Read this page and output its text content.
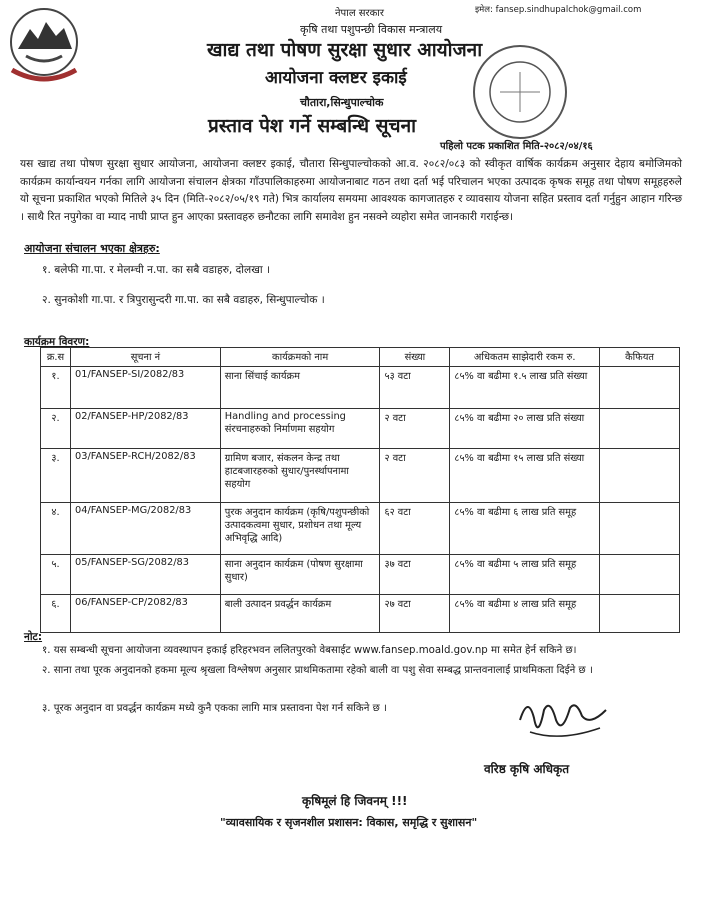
नेपाल सरकार	इमेल: fansep.sindhupalchok@gmail.com
कृषि तथा पशुपन्छी विकास मन्त्रालय
खाद्य तथा पोषण सुरक्षा सुधार आयोजना
आयोजना क्लष्टर इकाई
चौतारा,सिन्धुपाल्चोक
प्रस्ताव पेश गर्ने सम्बन्धि सूचना
पहिलो पटक प्रकाशित मिति-२०८२/०४/१६
यस खाद्य तथा पोषण सुरक्षा सुधार आयोजना, आयोजना क्लष्टर इकाई, चौतारा सिन्धुपाल्चोकको आ.व. २०८२/०८३ को स्वीकृत वार्षिक कार्यक्रम अनुसार देहाय बमोजिमको कार्यक्रम कार्यान्वयन गर्नका लागि आयोजना संचालन क्षेत्रका गाँउपालिकाहरुमा आयोजनाबाट गठन तथा दर्ता भई परिचालन भएका उत्पादक कृषक समूह तथा पोषण समूहहरुले यो सूचना प्रकाशित भएको मितिले ३५ दिन (मिति-२०८२/०५/१९ गते) भित्र कार्यालय समयमा आवश्यक कागजातहरु र व्यावसाय योजना सहित प्रस्ताव दर्ता गर्नुहुन आहान गरिन्छ । साथै रित नपुगेका वा म्याद नाघी प्राप्त हुन आएका प्रस्तावहरु छनौटका लागि समावेश हुन नसक्ने व्यहोरा समेत जानकारी गराईन्छ।
आयोजना संचालन भएका क्षेत्रहरु:
१. बलेफी गा.पा. र मेलम्ची न.पा. का सबै वडाहरु, दोलखा ।
२. सुनकोशी गा.पा. र त्रिपुरासुन्दरी गा.पा. का सबै वडाहरु, सिन्धुपाल्चोक ।
कार्यक्रम विवरण:
क्र.स	सूचना नं	कार्यक्रमको नाम	संख्या	अधिकतम साझेदारी रकम रु.	कैफियत
१.	01/FANSEP-SI/2082/83	साना सिंचाई कार्यक्रम	५३ वटा	८५% वा बढीमा १.५ लाख प्रति संख्या	
२.	02/FANSEP-HP/2082/83	Handling and processing संरचनाहरुको निर्माणमा सहयोग	२ वटा	८५% वा बढीमा २० लाख प्रति संख्या	
३.	03/FANSEP-RCH/2082/83	ग्रामिण बजार, संकलन केन्द्र तथा हाटबजारहरुको सुधार/पुनर्स्थापनामा सहयोग	२ वटा	८५% वा बढीमा १५ लाख प्रति संख्या	
४.	04/FANSEP-MG/2082/83	पुरक अनुदान कार्यक्रम (कृषि/पशुपन्छीको उत्पादकत्वमा सुधार, प्रशोधन तथा मूल्य अभिवृद्धि आदि)	६२ वटा	८५% वा बढीमा ६ लाख प्रति समूह	
५.	05/FANSEP-SG/2082/83	साना अनुदान कार्यक्रम (पोषण सुरक्षामा सुधार)	३७ वटा	८५% वा बढीमा ५ लाख प्रति समूह	
६.	06/FANSEP-CP/2082/83	बाली उत्पादन प्रवर्द्धन कार्यक्रम	२७ वटा	८५% वा बढीमा ४ लाख प्रति समूह	
नोट:
१. यस सम्बन्धी सूचना आयोजना व्यवस्थापन इकाई हरिहरभवन ललितपुरको वेबसाईट www.fansep.moald.gov.np मा समेत हेर्न सकिने छ।
२. साना तथा पूरक अनुदानको हकमा मूल्य श्रृखला विश्लेषण अनुसार प्राथमिकतामा रहेको बाली वा पशु सेवा सम्बद्ध प्रान्तवनालाई प्राथमिकता दिईने छ ।
३. पूरक अनुदान वा प्रवर्द्धन कार्यक्रम मध्ये कुनै एकका लागि मात्र प्रस्तावना पेश गर्न सकिने छ ।
वरिष्ठ कृषि अधिकृत
कृषिमूलं हि जिवनम् !!!
"व्यावसायिक र सृजनशील प्रशासन: विकास, समृद्धि र सुशासन"
